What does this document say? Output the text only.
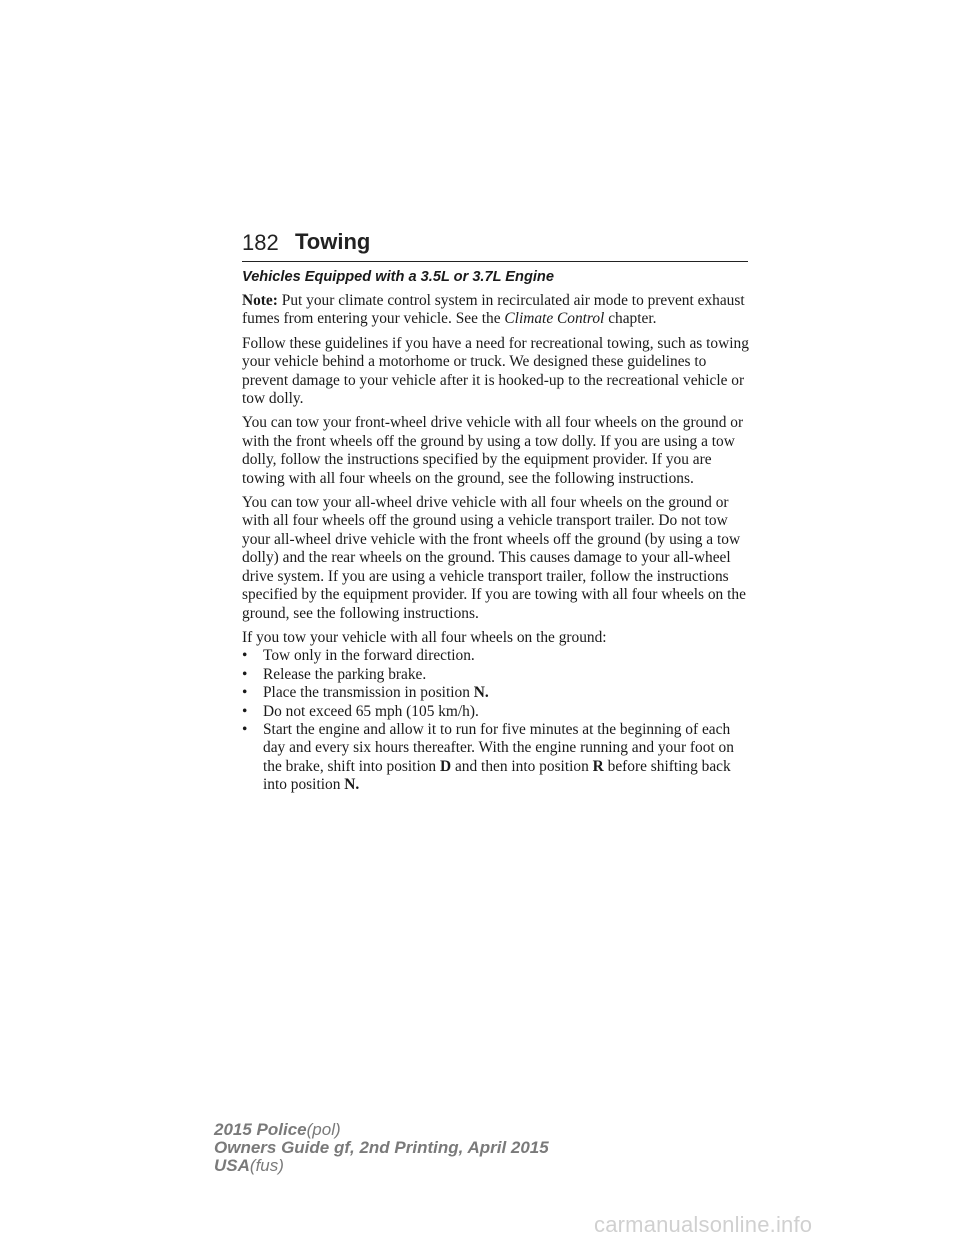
182 Towing
Vehicles Equipped with a 3.5L or 3.7L Engine

Note: Put your climate control system in recirculated air mode to prevent exhaust fumes from entering your vehicle. See the Climate Control chapter.

Follow these guidelines if you have a need for recreational towing, such as towing your vehicle behind a motorhome or truck. We designed these guidelines to prevent damage to your vehicle after it is hooked-up to the recreational vehicle or tow dolly.

You can tow your front-wheel drive vehicle with all four wheels on the ground or with the front wheels off the ground by using a tow dolly. If you are using a tow dolly, follow the instructions specified by the equipment provider. If you are towing with all four wheels on the ground, see the following instructions.

You can tow your all-wheel drive vehicle with all four wheels on the ground or with all four wheels off the ground using a vehicle transport trailer. Do not tow your all-wheel drive vehicle with the front wheels off the ground (by using a tow dolly) and the rear wheels on the ground. This causes damage to your all-wheel drive system. If you are using a vehicle transport trailer, follow the instructions specified by the equipment provider. If you are towing with all four wheels on the ground, see the following instructions.

If you tow your vehicle with all four wheels on the ground:
• Tow only in the forward direction.
• Release the parking brake.
• Place the transmission in position N.
• Do not exceed 65 mph (105 km/h).
• Start the engine and allow it to run for five minutes at the beginning of each day and every six hours thereafter. With the engine running and your foot on the brake, shift into position D and then into position R before shifting back into position N.
2015 Police(pol)
Owners Guide gf, 2nd Printing, April 2015
USA(fus)
carmanualsonline.info
